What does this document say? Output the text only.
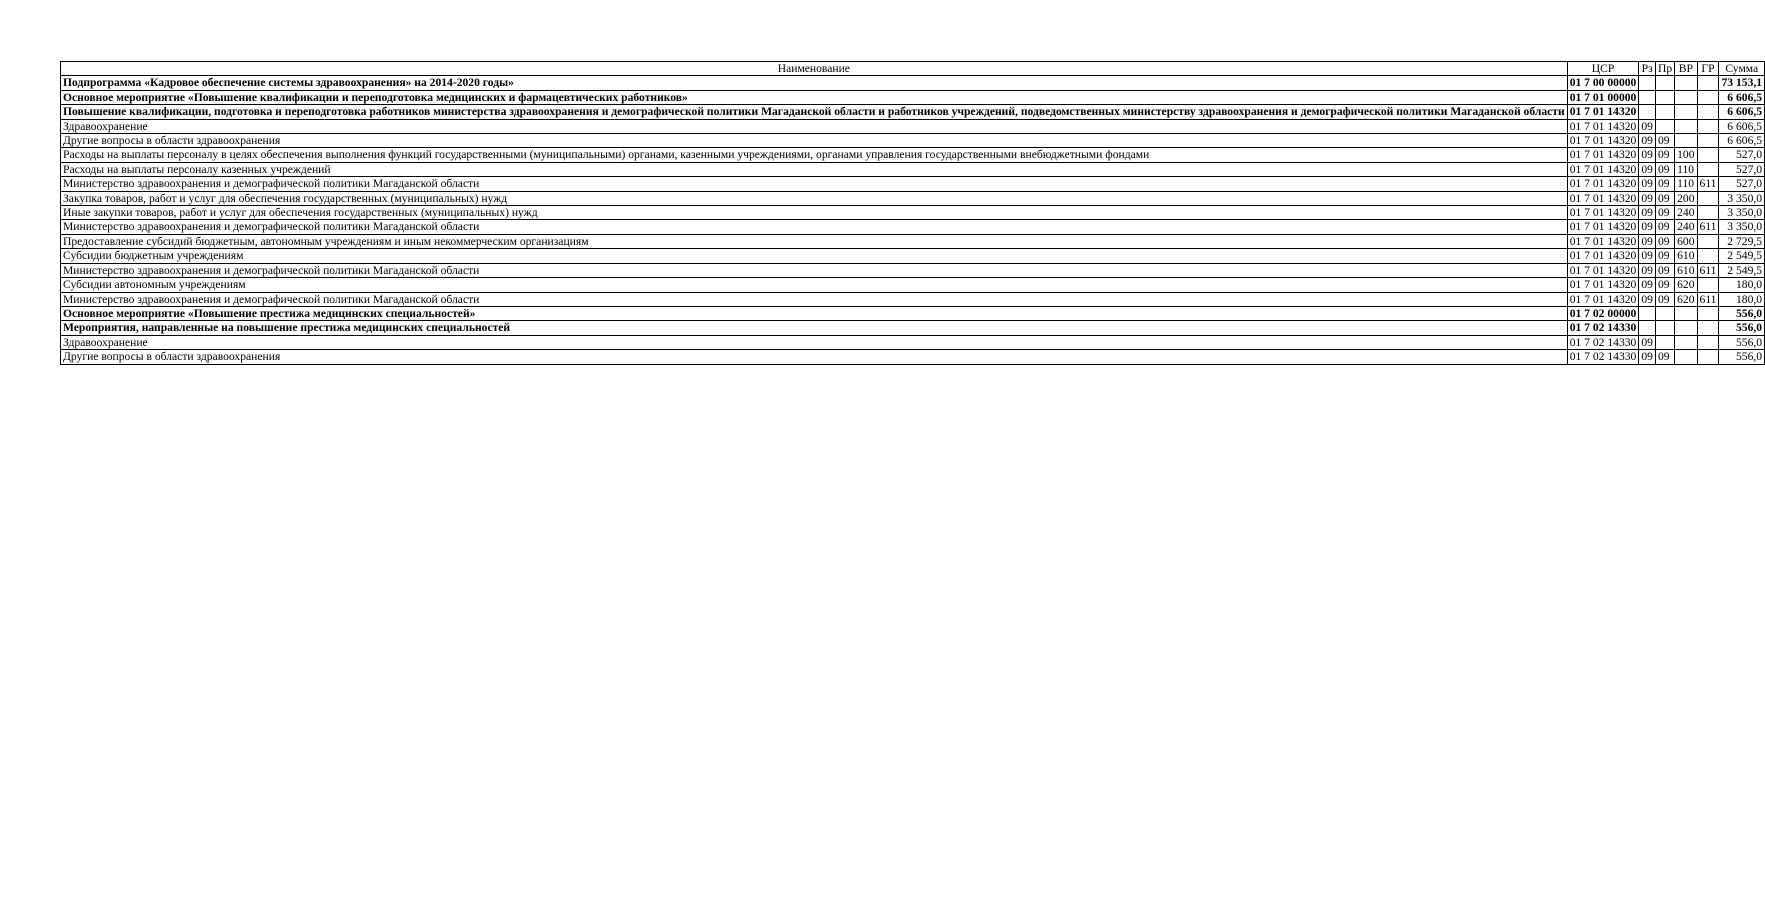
Наименование	ЦСР	Рз	Пр	ВР	ГР	Сумма
Подпрограмма «Кадровое обеспечение системы здравоохранения» на 2014-2020 годы»	01 7 00 00000					73 153,1
Основное мероприятие «Повышение квалификации и переподготовка медицинских и фармацевтических работников»	01 7 01 00000					6 606,5
Повышение квалификации, подготовка и переподготовка работников министерства здравоохранения и демографической политики Магаданской области и работников учреждений, подведомственных министерству здравоохранения и демографической политики Магаданской области	01 7 01 14320					6 606,5
Здравоохранение	01 7 01 14320	09				6 606,5
Другие вопросы в области здравоохранения	01 7 01 14320	09	09			6 606,5
Расходы на выплаты персоналу в целях обеспечения выполнения функций государственными (муниципальными) органами, казенными учреждениями, органами управления государственными внебюджетными фондами	01 7 01 14320	09	09	100		527,0
Расходы на выплаты персоналу казенных учреждений	01 7 01 14320	09	09	110		527,0
Министерство здравоохранения и демографической политики Магаданской области	01 7 01 14320	09	09	110	611	527,0
Закупка товаров, работ и услуг для обеспечения государственных (муниципальных) нужд	01 7 01 14320	09	09	200		3 350,0
Иные закупки товаров, работ и услуг для обеспечения государственных (муниципальных) нужд	01 7 01 14320	09	09	240		3 350,0
Министерство здравоохранения и демографической политики Магаданской области	01 7 01 14320	09	09	240	611	3 350,0
Предоставление субсидий бюджетным, автономным учреждениям и иным некоммерческим организациям	01 7 01 14320	09	09	600		2 729,5
Субсидии бюджетным учреждениям	01 7 01 14320	09	09	610		2 549,5
Министерство здравоохранения и демографической политики Магаданской области	01 7 01 14320	09	09	610	611	2 549,5
Субсидии автономным учреждениям	01 7 01 14320	09	09	620		180,0
Министерство здравоохранения и демографической политики Магаданской области	01 7 01 14320	09	09	620	611	180,0
Основное мероприятие «Повышение престижа медицинских специальностей»	01 7 02 00000					556,0
Мероприятия, направленные на повышение престижа медицинских специальностей	01 7 02 14330					556,0
Здравоохранение	01 7 02 14330	09				556,0
Другие вопросы в области здравоохранения	01 7 02 14330	09	09			556,0
